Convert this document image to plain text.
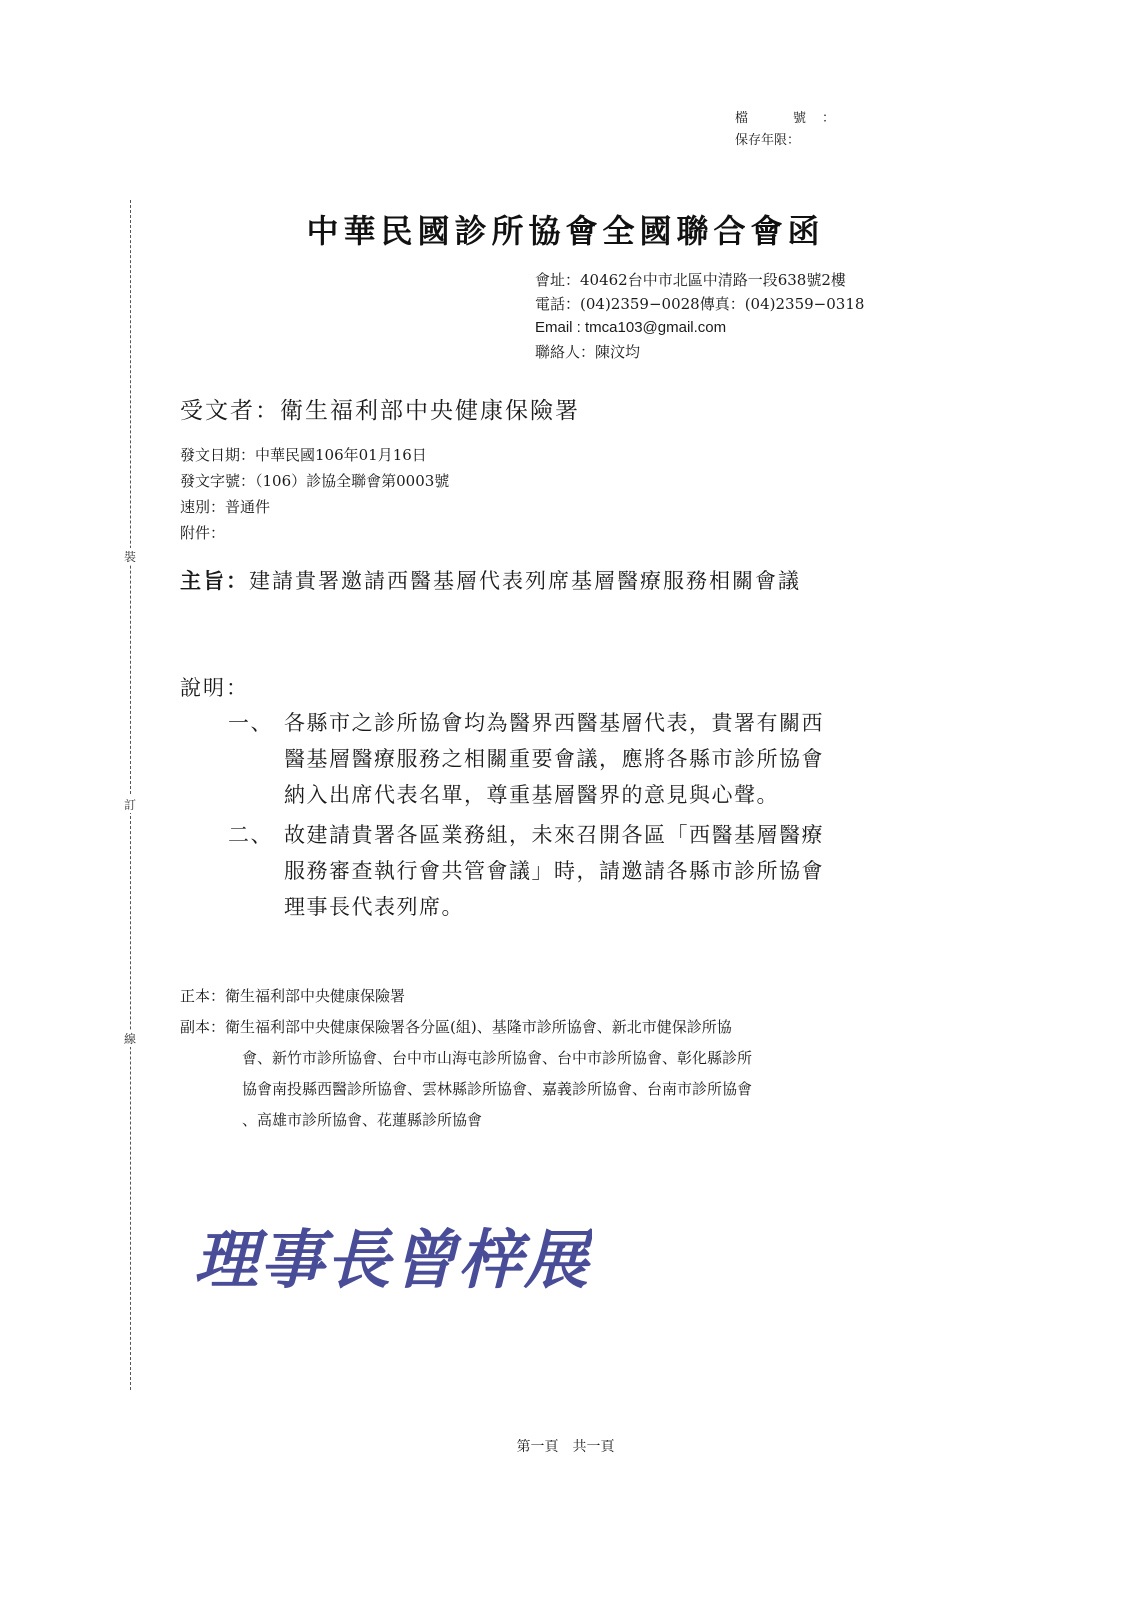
檔　號：
保存年限：
裝
訂
線
中華民國診所協會全國聯合會函
會址：40462台中市北區中清路一段638號2樓
電話：(04)2359−0028傳真：(04)2359−0318
Email : tmca103@gmail.com
聯絡人：陳汶均
受文者：衛生福利部中央健康保險署
發文日期：中華民國106年01月16日
發文字號：（106）診協全聯會第0003號
速別：普通件
附件：
主旨：建請貴署邀請西醫基層代表列席基層醫療服務相關會議
說明：
一、 各縣市之診所協會均為醫界西醫基層代表，貴署有關西
醫基層醫療服務之相關重要會議，應將各縣市診所協會
納入出席代表名單，尊重基層醫界的意見與心聲。
二、 故建請貴署各區業務組，未來召開各區「西醫基層醫療
服務審查執行會共管會議」時，請邀請各縣市診所協會
理事長代表列席。
正本：衛生福利部中央健康保險署
副本：衛生福利部中央健康保險署各分區(組)、基隆市診所協會、新北市健保診所協
會、新竹市診所協會、台中市山海屯診所協會、台中市診所協會、彰化縣診所
協會南投縣西醫診所協會、雲林縣診所協會、嘉義診所協會、台南市診所協會
、高雄市診所協會、花蓮縣診所協會
理事長曾梓展
第一頁　共一頁
